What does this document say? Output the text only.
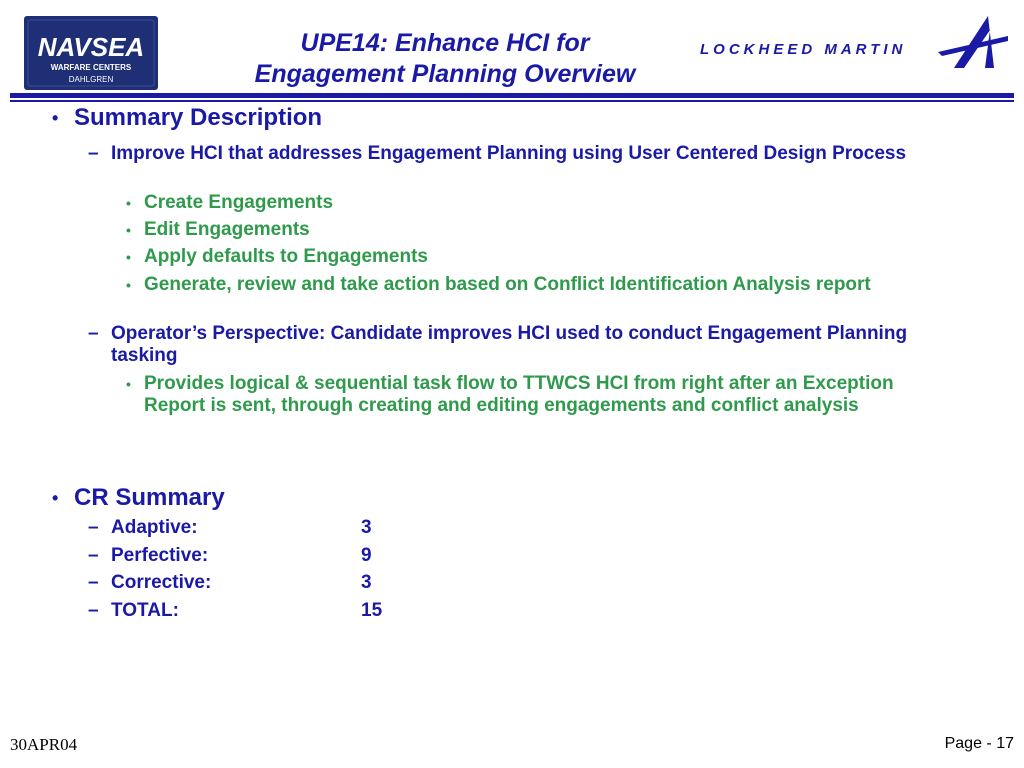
NAVSEA
WARFARE CENTERS
DAHLGREN
UPE14: Enhance HCI for
Engagement Planning Overview
LOCKHEED MARTIN
• Summary Description
– Improve HCI that addresses Engagement Planning using User Centered Design Process
• Create Engagements
• Edit Engagements
• Apply defaults to Engagements
• Generate, review and take action based on Conflict Identification Analysis report
– Operator’s Perspective: Candidate improves HCI used to conduct Engagement Planning tasking
• Provides logical & sequential task flow to TTWCS HCI from right after an Exception Report is sent, through creating and editing engagements and conflict analysis
• CR Summary
– Adaptive:	3
– Perfective:	9
– Corrective:	3
– TOTAL:	15
30APR04	Page - 17
